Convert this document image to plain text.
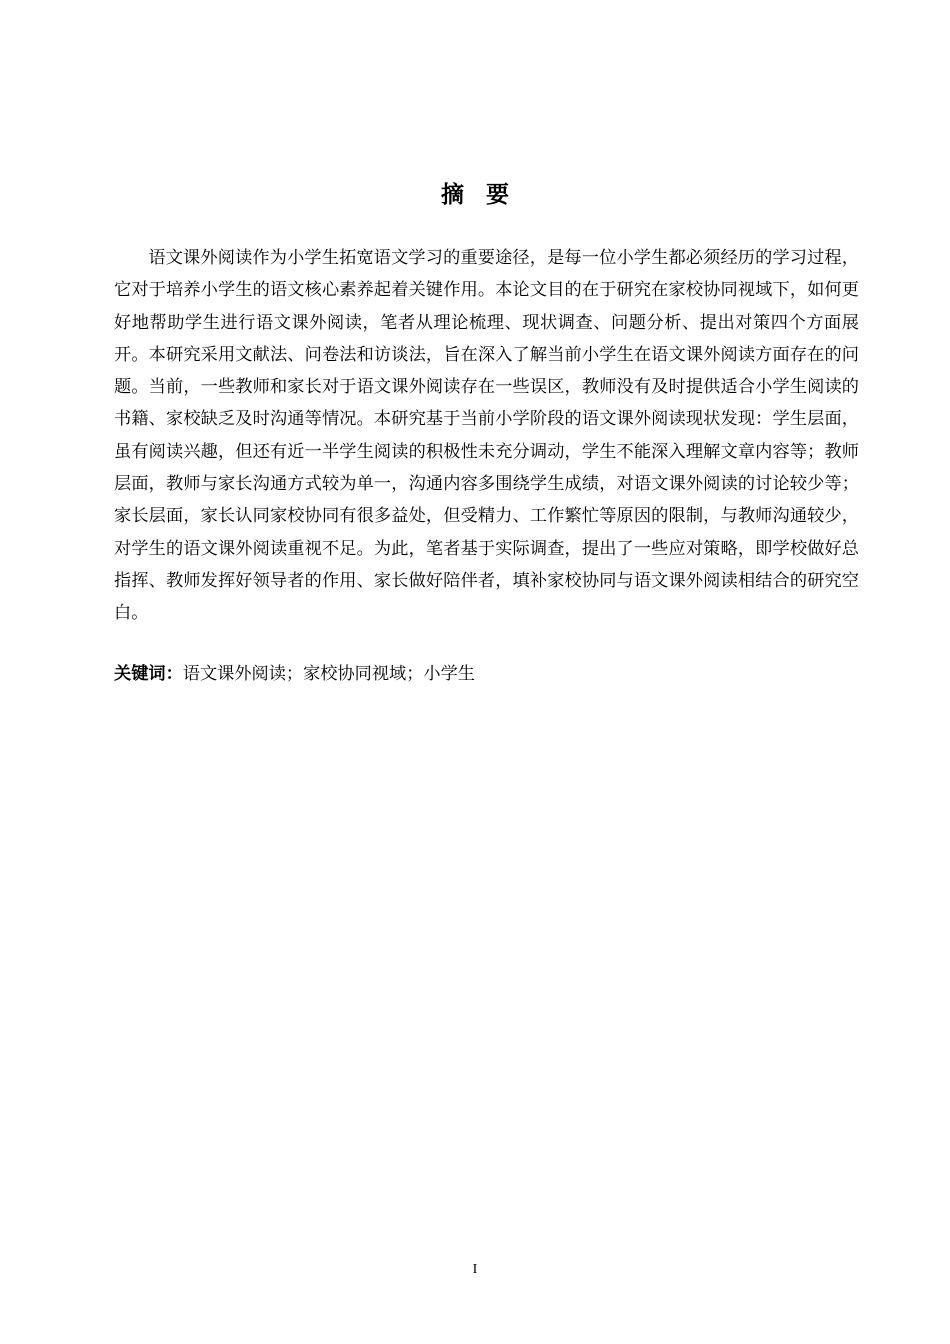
摘要

语文课外阅读作为小学生拓宽语文学习的重要途径，是每一位小学生都必须经历的学习过程，它对于培养小学生的语文核心素养起着关键作用。本论文目的在于研究在家校协同视域下，如何更好地帮助学生进行语文课外阅读，笔者从理论梳理、现状调查、问题分析、提出对策四个方面展开。本研究采用文献法、问卷法和访谈法，旨在深入了解当前小学生在语文课外阅读方面存在的问题。当前，一些教师和家长对于语文课外阅读存在一些误区，教师没有及时提供适合小学生阅读的书籍、家校缺乏及时沟通等情况。本研究基于当前小学阶段的语文课外阅读现状发现：学生层面，虽有阅读兴趣，但还有近一半学生阅读的积极性未充分调动，学生不能深入理解文章内容等；教师层面，教师与家长沟通方式较为单一，沟通内容多围绕学生成绩，对语文课外阅读的讨论较少等；家长层面，家长认同家校协同有很多益处，但受精力、工作繁忙等原因的限制，与教师沟通较少，对学生的语文课外阅读重视不足。为此，笔者基于实际调查，提出了一些应对策略，即学校做好总指挥、教师发挥好领导者的作用、家长做好陪伴者，填补家校协同与语文课外阅读相结合的研究空白。

关键词：语文课外阅读；家校协同视域；小学生
I
